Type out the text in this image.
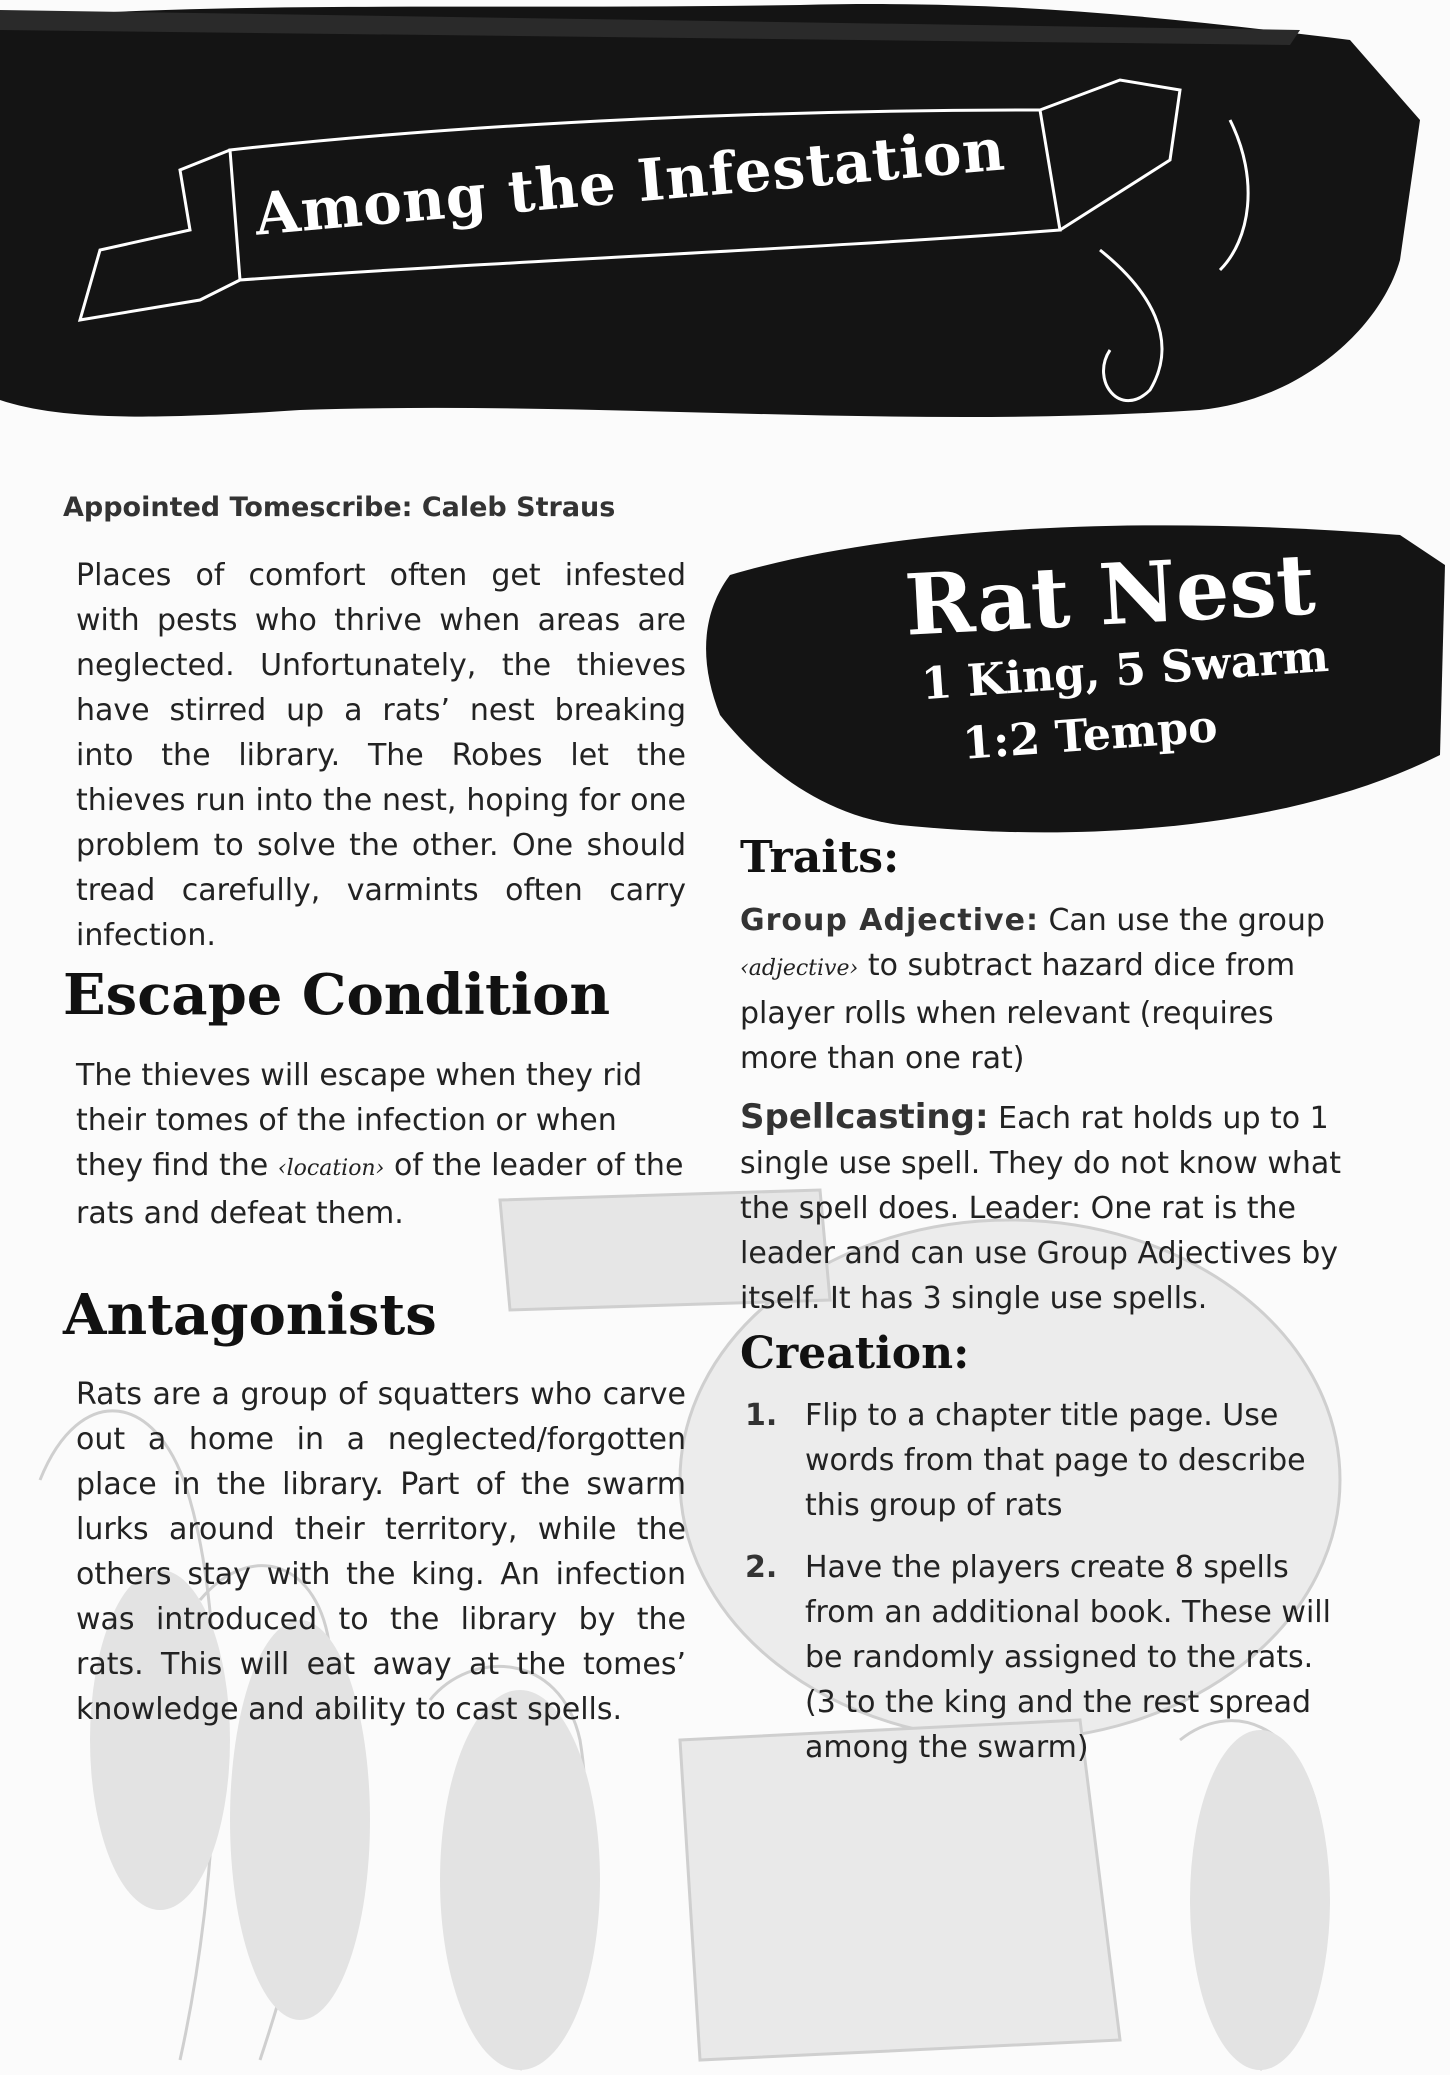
Among the Infestation
Appointed Tomescribe: Caleb Straus
Places of comfort often get infested with pests who thrive when areas are neglected. Unfortunately, the thieves have stirred up a rats’ nest breaking into the library. The Robes let the thieves run into the nest, hoping for one problem to solve the other. One should tread carefully, varmints often carry infection.
Escape Condition
The thieves will escape when they rid their tomes of the infection or when they find the ‹location› of the leader of the rats and defeat them.
Antagonists
Rats are a group of squatters who carve out a home in a neglected/forgotten place in the library. Part of the swarm lurks around their territory, while the others stay with the king. An infection was introduced to the library by the rats. This will eat away at the tomes’ knowledge and ability to cast spells.
Rat Nest
1 King, 5 Swarm
1:2 Tempo
Traits:
Group Adjective: Can use the group ‹adjective› to subtract hazard dice from player rolls when relevant (requires more than one rat)
Spellcasting: Each rat holds up to 1 single use spell. They do not know what the spell does. Leader: One rat is the leader and can use Group Adjectives by itself. It has 3 single use spells.
Creation:
1. Flip to a chapter title page. Use words from that page to describe this group of rats
2. Have the players create 8 spells from an additional book. These will be randomly assigned to the rats. (3 to the king and the rest spread among the swarm)
